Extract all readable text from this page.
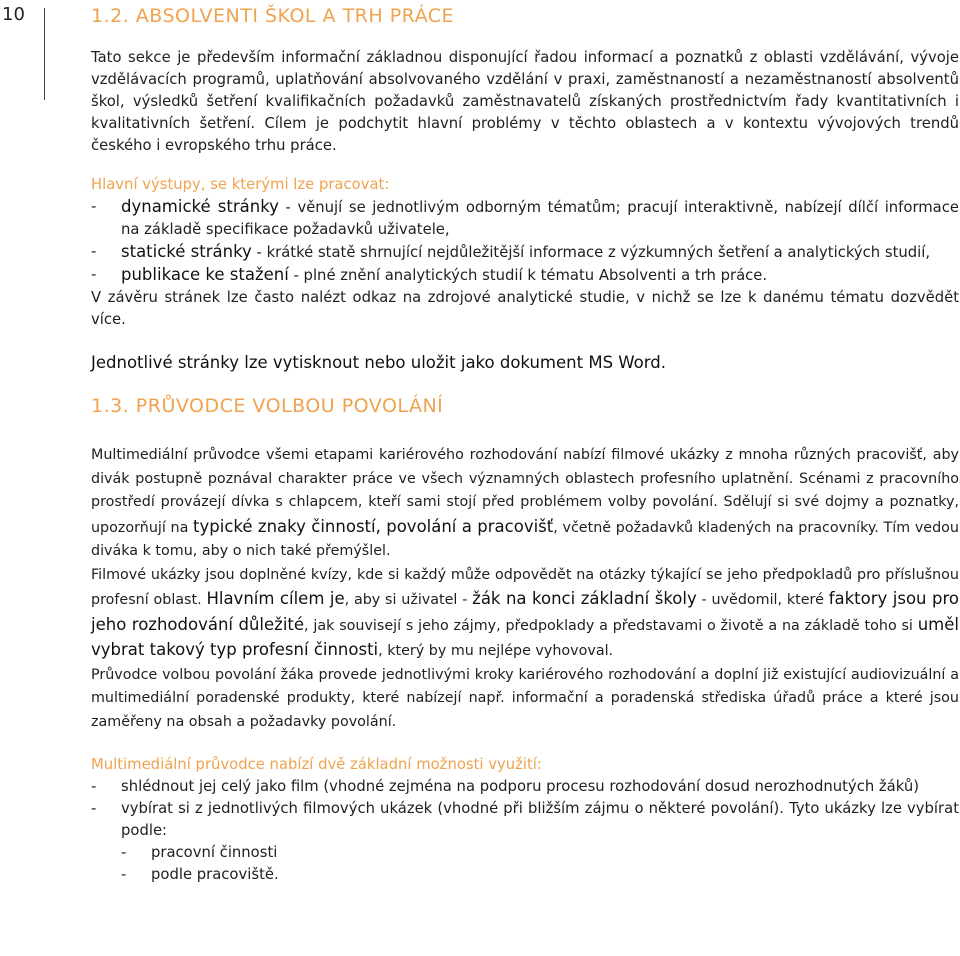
10	1.2. ABSOLVENTI ŠKOL A TRH PRÁCE

Tato sekce je především informační základnou disponující řadou informací a poznatků z oblasti vzdělávání, vývoje vzdělávacích programů, uplatňování absolvovaného vzdělání v praxi, zaměstnaností a nezaměstnaností absolventů škol, výsledků šetření kvalifikačních požadavků zaměstnavatelů získaných prostřednictvím řady kvantitativních i kvalitativních šetření. Cílem je podchytit hlavní problémy v těchto oblastech a v kontextu vývojových trendů českého i evropského trhu práce.

Hlavní výstupy, se kterými lze pracovat:
- dynamické stránky - věnují se jednotlivým odborným tématům; pracují interaktivně, nabízejí dílčí informace na základě specifikace požadavků uživatele,
- statické stránky - krátké statě shrnující nejdůležitější informace z výzkumných šetření a analytických studií,
- publikace ke stažení - plné znění analytických studií k tématu Absolventi a trh práce.

V závěru stránek lze často nalézt odkaz na zdrojové analytické studie, v nichž se lze k danému tématu dozvědět více.

Jednotlivé stránky lze vytisknout nebo uložit jako dokument MS Word.

1.3. PRŮVODCE VOLBOU POVOLÁNÍ

Multimediální průvodce všemi etapami kariérového rozhodování nabízí filmové ukázky z mnoha různých pracovišť, aby divák postupně poznával charakter práce ve všech významných oblastech profesního uplatnění. Scénami z pracovního prostředí provázejí dívka s chlapcem, kteří sami stojí před problémem volby povolání. Sdělují si své dojmy a poznatky, upozorňují na typické znaky činností, povolání a pracovišť, včetně požadavků kladených na pracovníky. Tím vedou diváka k tomu, aby o nich také přemýšlel.

Filmové ukázky jsou doplněné kvízy, kde si každý může odpovědět na otázky týkající se jeho předpokladů pro příslušnou profesní oblast. Hlavním cílem je, aby si uživatel - žák na konci základní školy - uvědomil, které faktory jsou pro jeho rozhodování důležité, jak souvisejí s jeho zájmy, předpoklady a představami o životě a na základě toho si uměl vybrat takový typ profesní činnosti, který by mu nejlépe vyhovoval.

Průvodce volbou povolání žáka provede jednotlivými kroky kariérového rozhodování a doplní již existující audiovizuální a multimediální poradenské produkty, které nabízejí např. informační a poradenská střediska úřadů práce a které jsou zaměřeny na obsah a požadavky povolání.

Multimediální průvodce nabízí dvě základní možnosti využití:
- shlédnout jej celý jako film (vhodné zejména na podporu procesu rozhodování dosud nerozhodnutých žáků)
- vybírat si z jednotlivých filmových ukázek (vhodné při bližším zájmu o některé povolání). Tyto ukázky lze vybírat podle:
- pracovní činnosti
- podle pracoviště.
